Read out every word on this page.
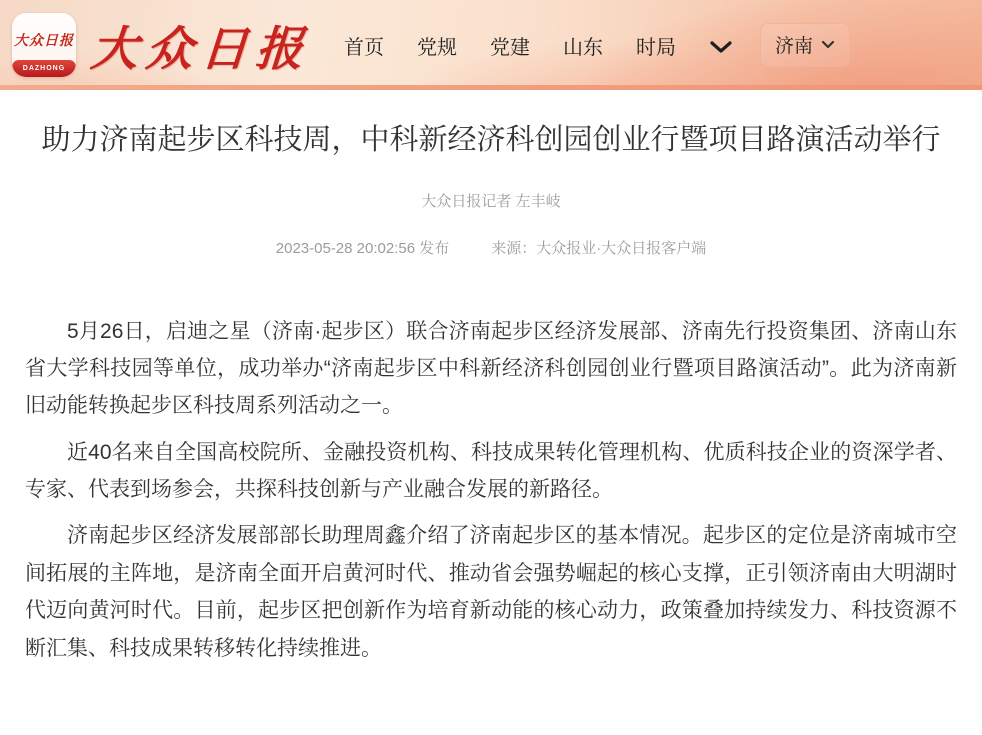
大众日报
DAZHONG 大众日报 首页 党规 党建 山东 时局	济南
助力济南起步区科技周，中科新经济科创园创业行暨项目路演活动举行
大众日报记者 左丰岐
2023-05-28 20:02:56 发布	来源：大众报业·大众日报客户端

5月26日，启迪之星（济南·起步区）联合济南起步区经济发展部、济南先行投资集团、济南山东省大学科技园等单位，成功举办“济南起步区中科新经济科创园创业行暨项目路演活动”。此为济南新旧动能转换起步区科技周系列活动之一。

近40名来自全国高校院所、金融投资机构、科技成果转化管理机构、优质科技企业的资深学者、专家、代表到场参会，共探科技创新与产业融合发展的新路径。

济南起步区经济发展部部长助理周鑫介绍了济南起步区的基本情况。起步区的定位是济南城市空间拓展的主阵地，是济南全面开启黄河时代、推动省会强势崛起的核心支撑，正引领济南由大明湖时代迈向黄河时代。目前，起步区把创新作为培育新动能的核心动力，政策叠加持续发力、科技资源不断汇集、科技成果转移转化持续推进。
